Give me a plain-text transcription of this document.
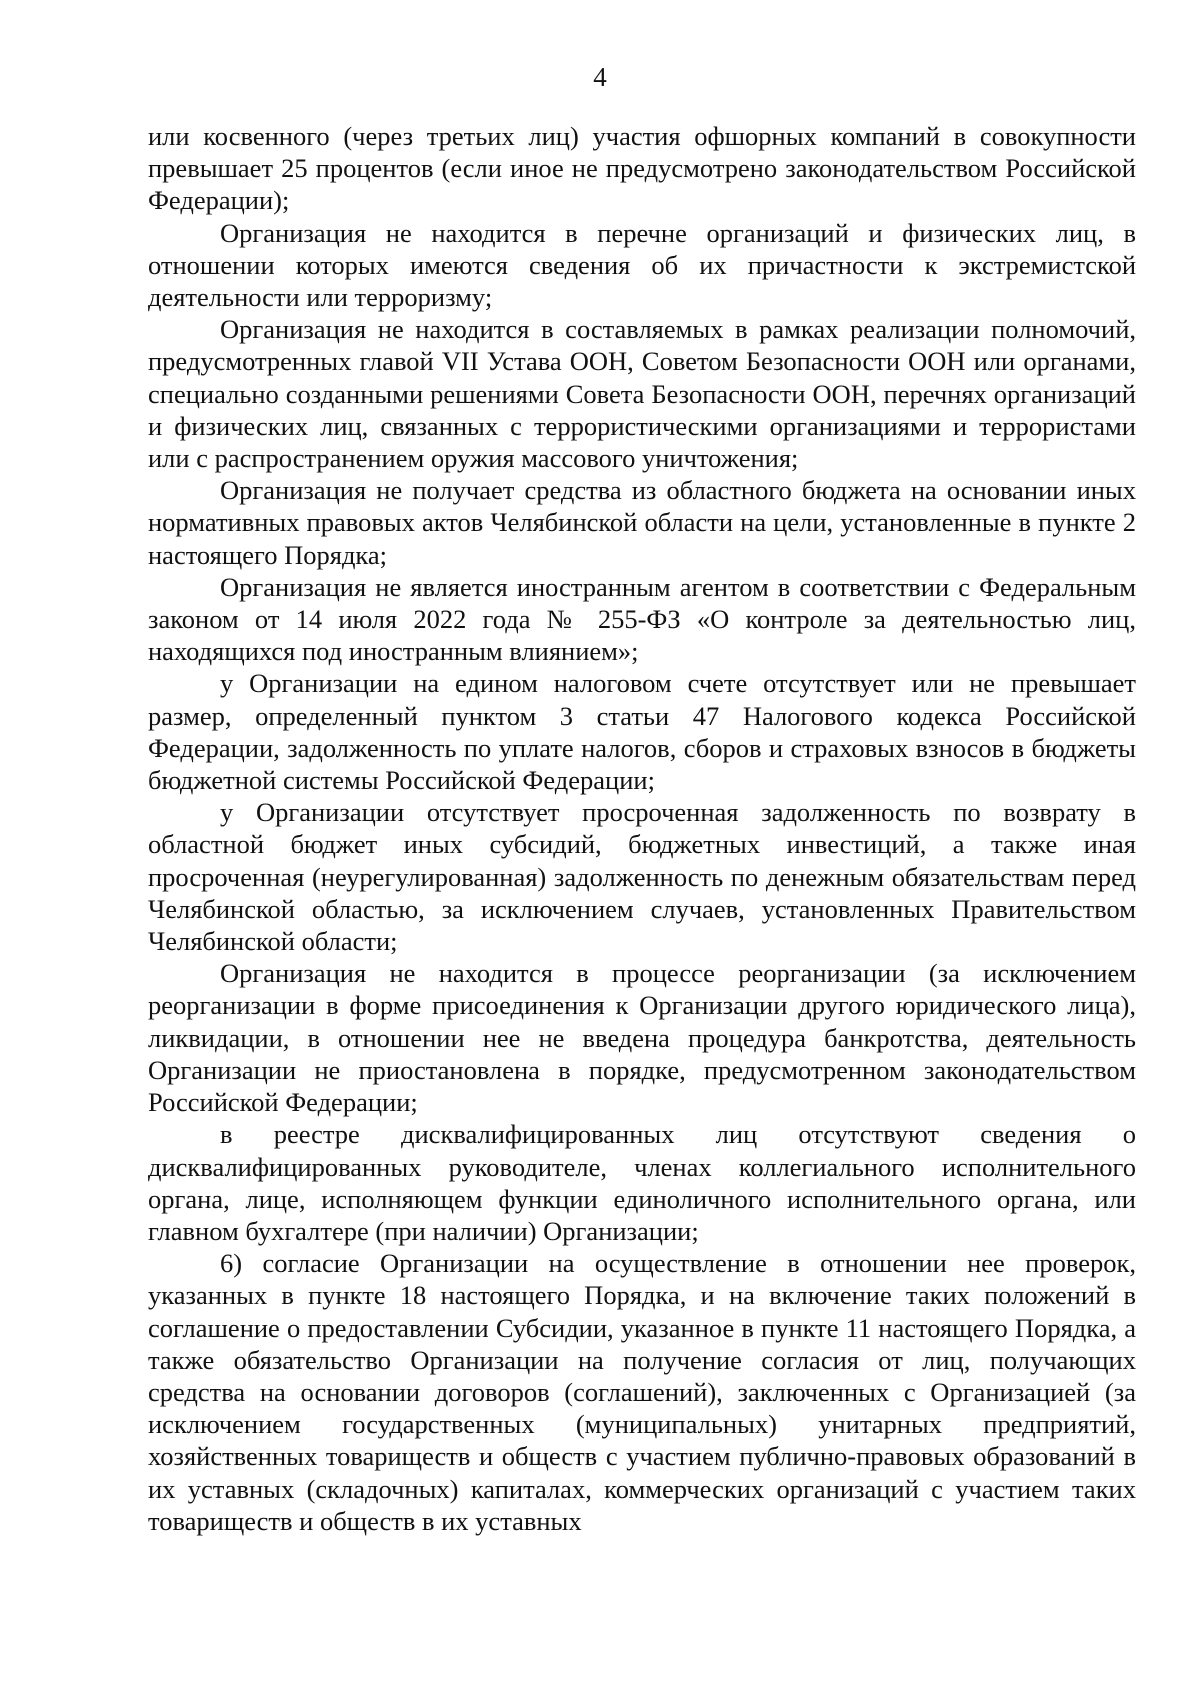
4

или косвенного (через третьих лиц) участия офшорных компаний в совокупности превышает 25 процентов (если иное не предусмотрено законодательством Российской Федерации);

Организация не находится в перечне организаций и физических лиц, в отношении которых имеются сведения об их причастности к экстремистской деятельности или терроризму;

Организация не находится в составляемых в рамках реализации полномочий, предусмотренных главой VII Устава ООН, Советом Безопасности ООН или органами, специально созданными решениями Совета Безопасности ООН, перечнях организаций и физических лиц, связанных с террористическими организациями и террористами или с распространением оружия массового уничтожения;

Организация не получает средства из областного бюджета на основании иных нормативных правовых актов Челябинской области на цели, установленные в пункте 2 настоящего Порядка;

Организация не является иностранным агентом в соответствии с Федеральным законом от 14 июля 2022 года № 255-ФЗ «О контроле за деятельностью лиц, находящихся под иностранным влиянием»;

у Организации на едином налоговом счете отсутствует или не превышает размер, определенный пунктом 3 статьи 47 Налогового кодекса Российской Федерации, задолженность по уплате налогов, сборов и страховых взносов в бюджеты бюджетной системы Российской Федерации;

у Организации отсутствует просроченная задолженность по возврату в областной бюджет иных субсидий, бюджетных инвестиций, а также иная просроченная (неурегулированная) задолженность по денежным обязательствам перед Челябинской областью, за исключением случаев, установленных Правительством Челябинской области;

Организация не находится в процессе реорганизации (за исключением реорганизации в форме присоединения к Организации другого юридического лица), ликвидации, в отношении нее не введена процедура банкротства, деятельность Организации не приостановлена в порядке, предусмотренном законодательством Российской Федерации;

в реестре дисквалифицированных лиц отсутствуют сведения о дисквалифицированных руководителе, членах коллегиального исполнительного органа, лице, исполняющем функции единоличного исполнительного органа, или главном бухгалтере (при наличии) Организации;

6) согласие Организации на осуществление в отношении нее проверок, указанных в пункте 18 настоящего Порядка, и на включение таких положений в соглашение о предоставлении Субсидии, указанное в пункте 11 настоящего Порядка, а также обязательство Организации на получение согласия от лиц, получающих средства на основании договоров (соглашений), заключенных с Организацией (за исключением государственных (муниципальных) унитарных предприятий, хозяйственных товариществ и обществ с участием публично-правовых образований в их уставных (складочных) капиталах, коммерческих организаций с участием таких товариществ и обществ в их уставных
